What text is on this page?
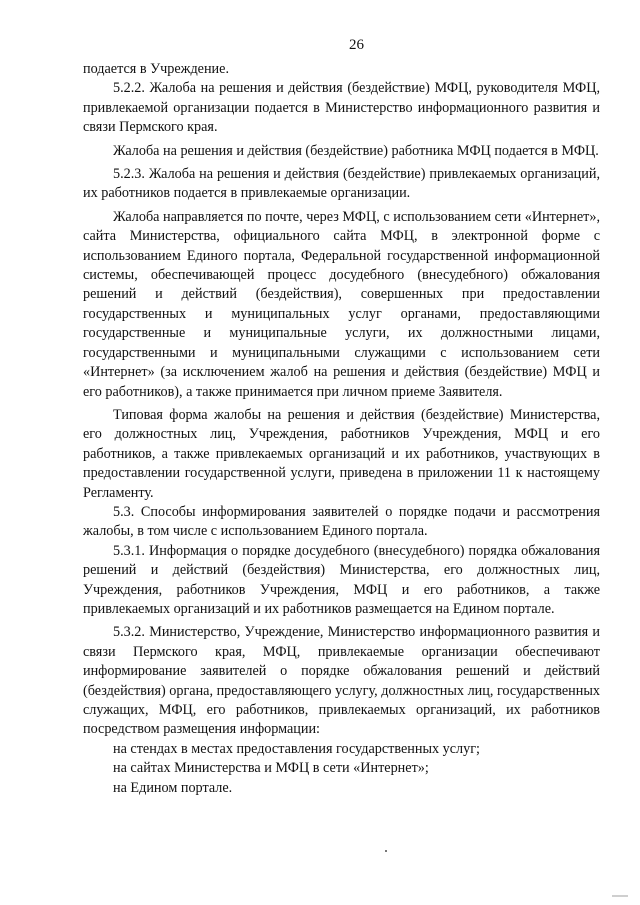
26

подается в Учреждение.

5.2.2. Жалоба на решения и действия (бездействие) МФЦ, руководителя МФЦ, привлекаемой организации подается в Министерство информационного развития и связи Пермского края.

Жалоба на решения и действия (бездействие) работника МФЦ подается в МФЦ.

5.2.3. Жалоба на решения и действия (бездействие) привлекаемых организаций, их работников подается в привлекаемые организации.

Жалоба направляется по почте, через МФЦ, с использованием сети «Интернет», сайта Министерства, официального сайта МФЦ, в электронной форме с использованием Единого портала, Федеральной государственной информационной системы, обеспечивающей процесс досудебного (внесудебного) обжалования решений и действий (бездействия), совершенных при предоставлении государственных и муниципальных услуг органами, предоставляющими государственные и муниципальные услуги, их должностными лицами, государственными и муниципальными служащими с использованием сети «Интернет» (за исключением жалоб на решения и действия (бездействие) МФЦ и его работников), а также принимается при личном приеме Заявителя.

Типовая форма жалобы на решения и действия (бездействие) Министерства, его должностных лиц, Учреждения, работников Учреждения, МФЦ и его работников, а также привлекаемых организаций и их работников, участвующих в предоставлении государственной услуги, приведена в приложении 11 к настоящему Регламенту.

5.3. Способы информирования заявителей о порядке подачи и рассмотрения жалобы, в том числе с использованием Единого портала.

5.3.1. Информация о порядке досудебного (внесудебного) порядка обжалования решений и действий (бездействия) Министерства, его должностных лиц, Учреждения, работников Учреждения, МФЦ и его работников, а также привлекаемых организаций и их работников размещается на Едином портале.

5.3.2. Министерство, Учреждение, Министерство информационного развития и связи Пермского края, МФЦ, привлекаемые организации обеспечивают информирование заявителей о порядке обжалования решений и действий (бездействия) органа, предоставляющего услугу, должностных лиц, государственных служащих, МФЦ, его работников, привлекаемых организаций, их работников посредством размещения информации:

на стендах в местах предоставления государственных услуг;

на сайтах Министерства и МФЦ в сети «Интернет»;

на Едином портале.
